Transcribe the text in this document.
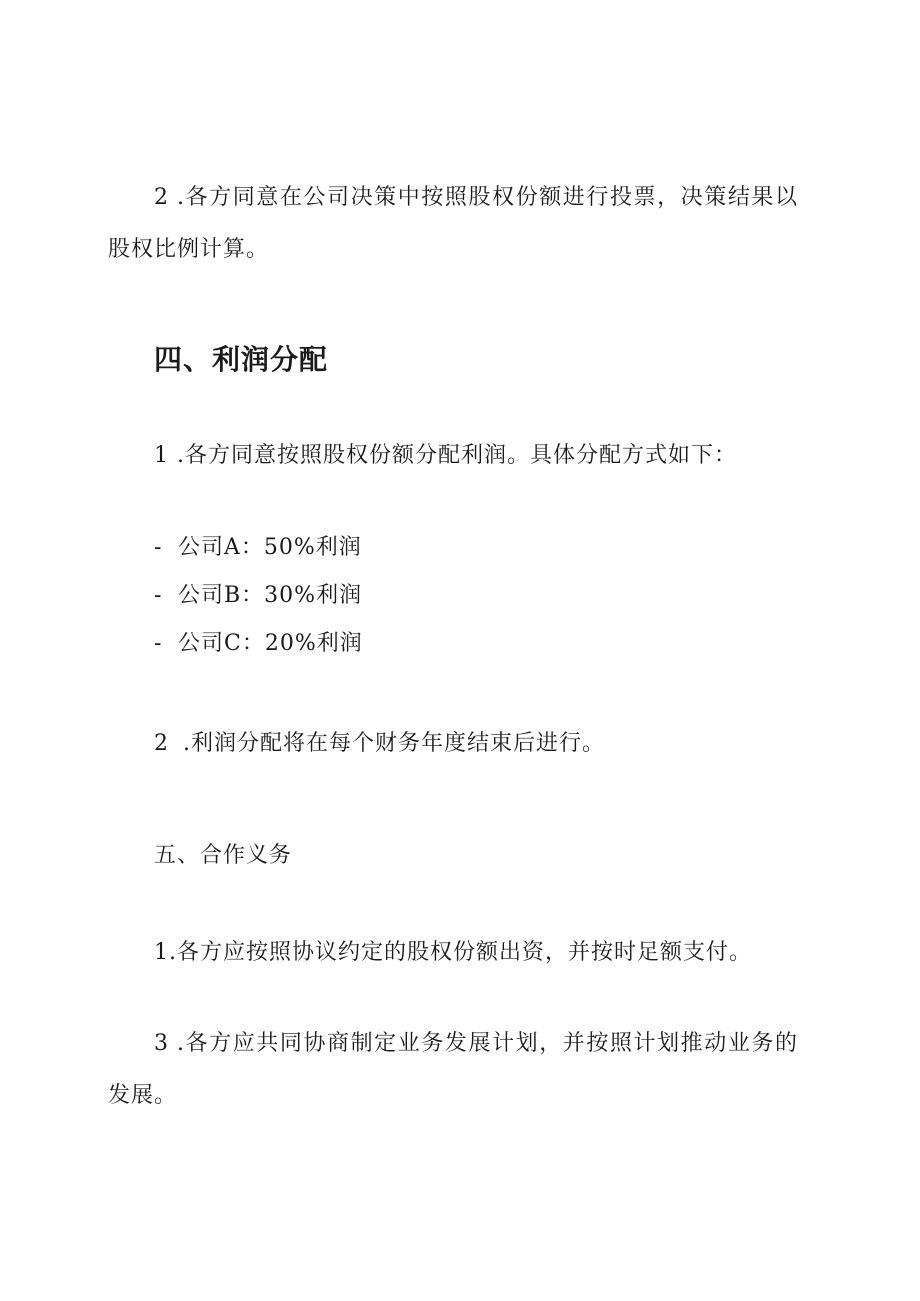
2 .各方同意在公司决策中按照股权份额进行投票，决策结果以股权比例计算。

四、利润分配

1 .各方同意按照股权份额分配利润。具体分配方式如下：

- 公司A：50%利润

- 公司B：30%利润

- 公司C：20%利润

2 .利润分配将在每个财务年度结束后进行。

五、合作义务

1.各方应按照协议约定的股权份额出资，并按时足额支付。

3 .各方应共同协商制定业务发展计划，并按照计划推动业务的发展。
